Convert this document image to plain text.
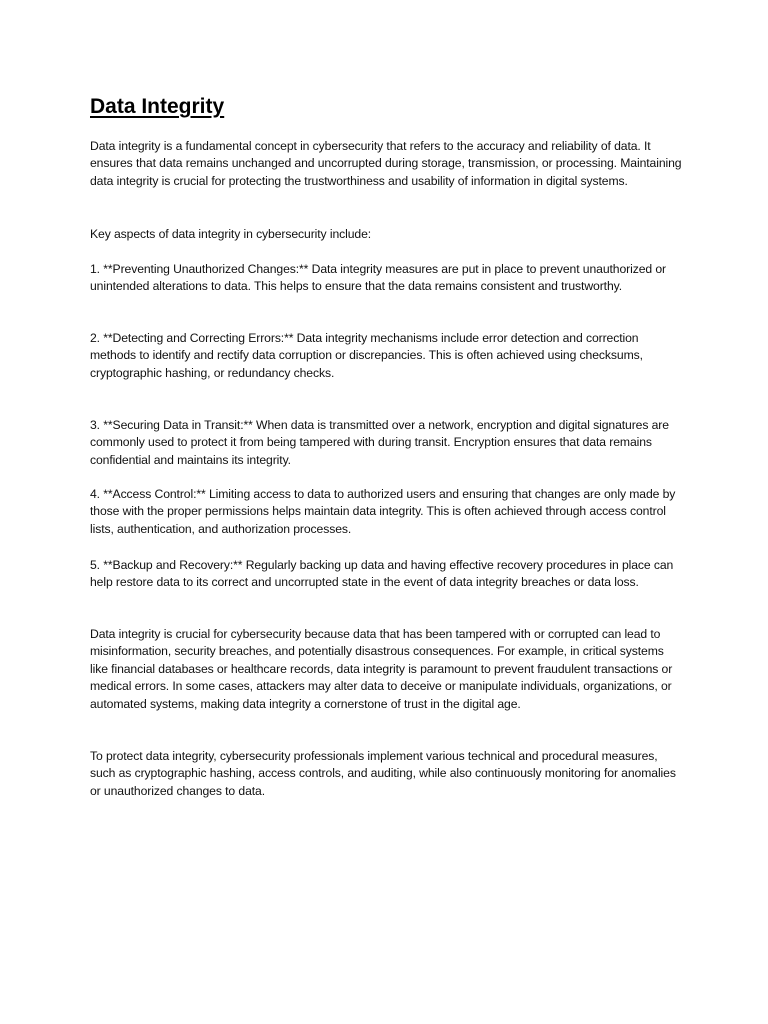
Data Integrity

Data integrity is a fundamental concept in cybersecurity that refers to the accuracy and reliability of data. It ensures that data remains unchanged and uncorrupted during storage, transmission, or processing. Maintaining data integrity is crucial for protecting the trustworthiness and usability of information in digital systems.

Key aspects of data integrity in cybersecurity include:

1. **Preventing Unauthorized Changes:** Data integrity measures are put in place to prevent unauthorized or unintended alterations to data. This helps to ensure that the data remains consistent and trustworthy.

2. **Detecting and Correcting Errors:** Data integrity mechanisms include error detection and correction methods to identify and rectify data corruption or discrepancies. This is often achieved using checksums, cryptographic hashing, or redundancy checks.

3. **Securing Data in Transit:** When data is transmitted over a network, encryption and digital signatures are commonly used to protect it from being tampered with during transit. Encryption ensures that data remains confidential and maintains its integrity.

4. **Access Control:** Limiting access to data to authorized users and ensuring that changes are only made by those with the proper permissions helps maintain data integrity. This is often achieved through access control lists, authentication, and authorization processes.

5. **Backup and Recovery:** Regularly backing up data and having effective recovery procedures in place can help restore data to its correct and uncorrupted state in the event of data integrity breaches or data loss.

Data integrity is crucial for cybersecurity because data that has been tampered with or corrupted can lead to misinformation, security breaches, and potentially disastrous consequences. For example, in critical systems like financial databases or healthcare records, data integrity is paramount to prevent fraudulent transactions or medical errors. In some cases, attackers may alter data to deceive or manipulate individuals, organizations, or automated systems, making data integrity a cornerstone of trust in the digital age.

To protect data integrity, cybersecurity professionals implement various technical and procedural measures, such as cryptographic hashing, access controls, and auditing, while also continuously monitoring for anomalies or unauthorized changes to data.
